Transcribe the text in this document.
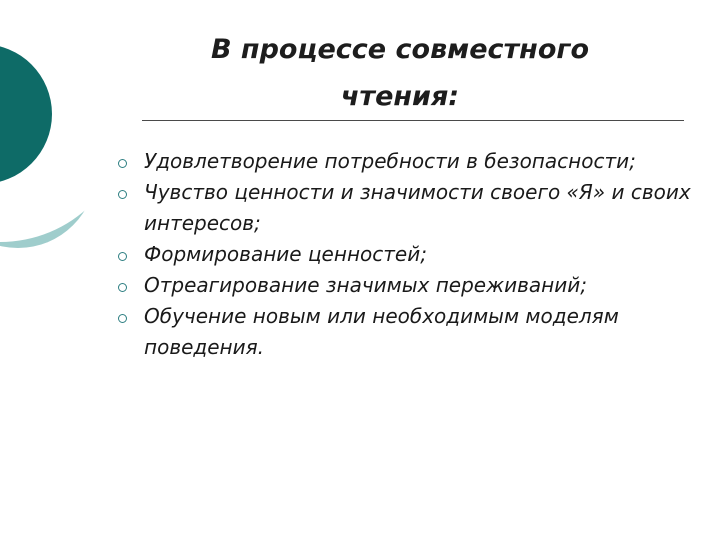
В процессе совместного
чтения:
Удовлетворение потребности в безопасности;
Чувство ценности и значимости своего «Я» и своих интересов;
Формирование ценностей;
Отреагирование значимых переживаний;
Обучение новым или необходимым моделям поведения.
